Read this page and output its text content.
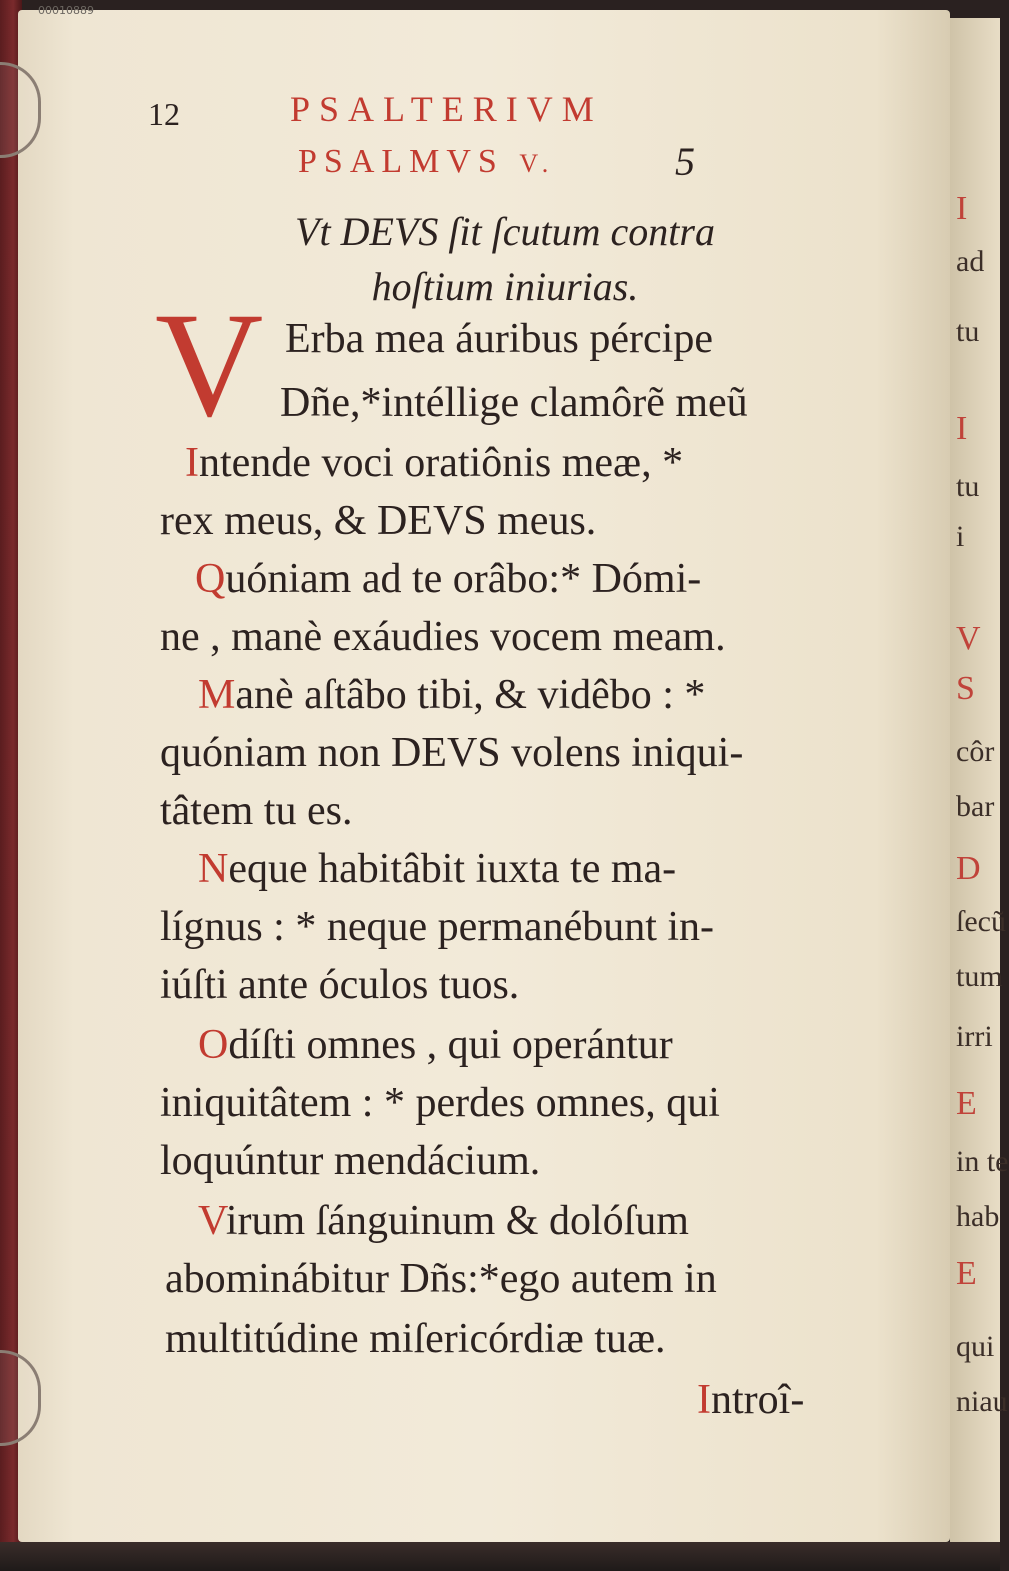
00010889
I
ad
tu
I
tu
i
V
S
côr
bar
D
ſecũ
tum
irri
E
in te
hab
E
qui
niau
12	PSALTERIVM
PSALMVS V.	5
Vt DEVS ſit ſcutum contra
hoſtium iniurias.
V Erba mea áuribus pércipe
Dñe,*intéllige clamôrẽ meũ
Intende voci oratiônis meæ, *
rex meus, & DEVS meus.
Quóniam ad te orâbo:* Dómi-
ne , manè exáudies vocem meam.
Manè aſtâbo tibi, & vidêbo : *
quóniam non DEVS volens iniqui-
tâtem tu es.
Neque habitâbit iuxta te ma-
lígnus : * neque permanébunt in-
iúſti ante óculos tuos.
Odíſti omnes , qui operántur
iniquitâtem : * perdes omnes, qui
loquúntur mendácium.
Virum ſánguinum & dolóſum
abominábitur Dñs:*ego autem in
multitúdine miſericórdiæ tuæ.
Introî-
